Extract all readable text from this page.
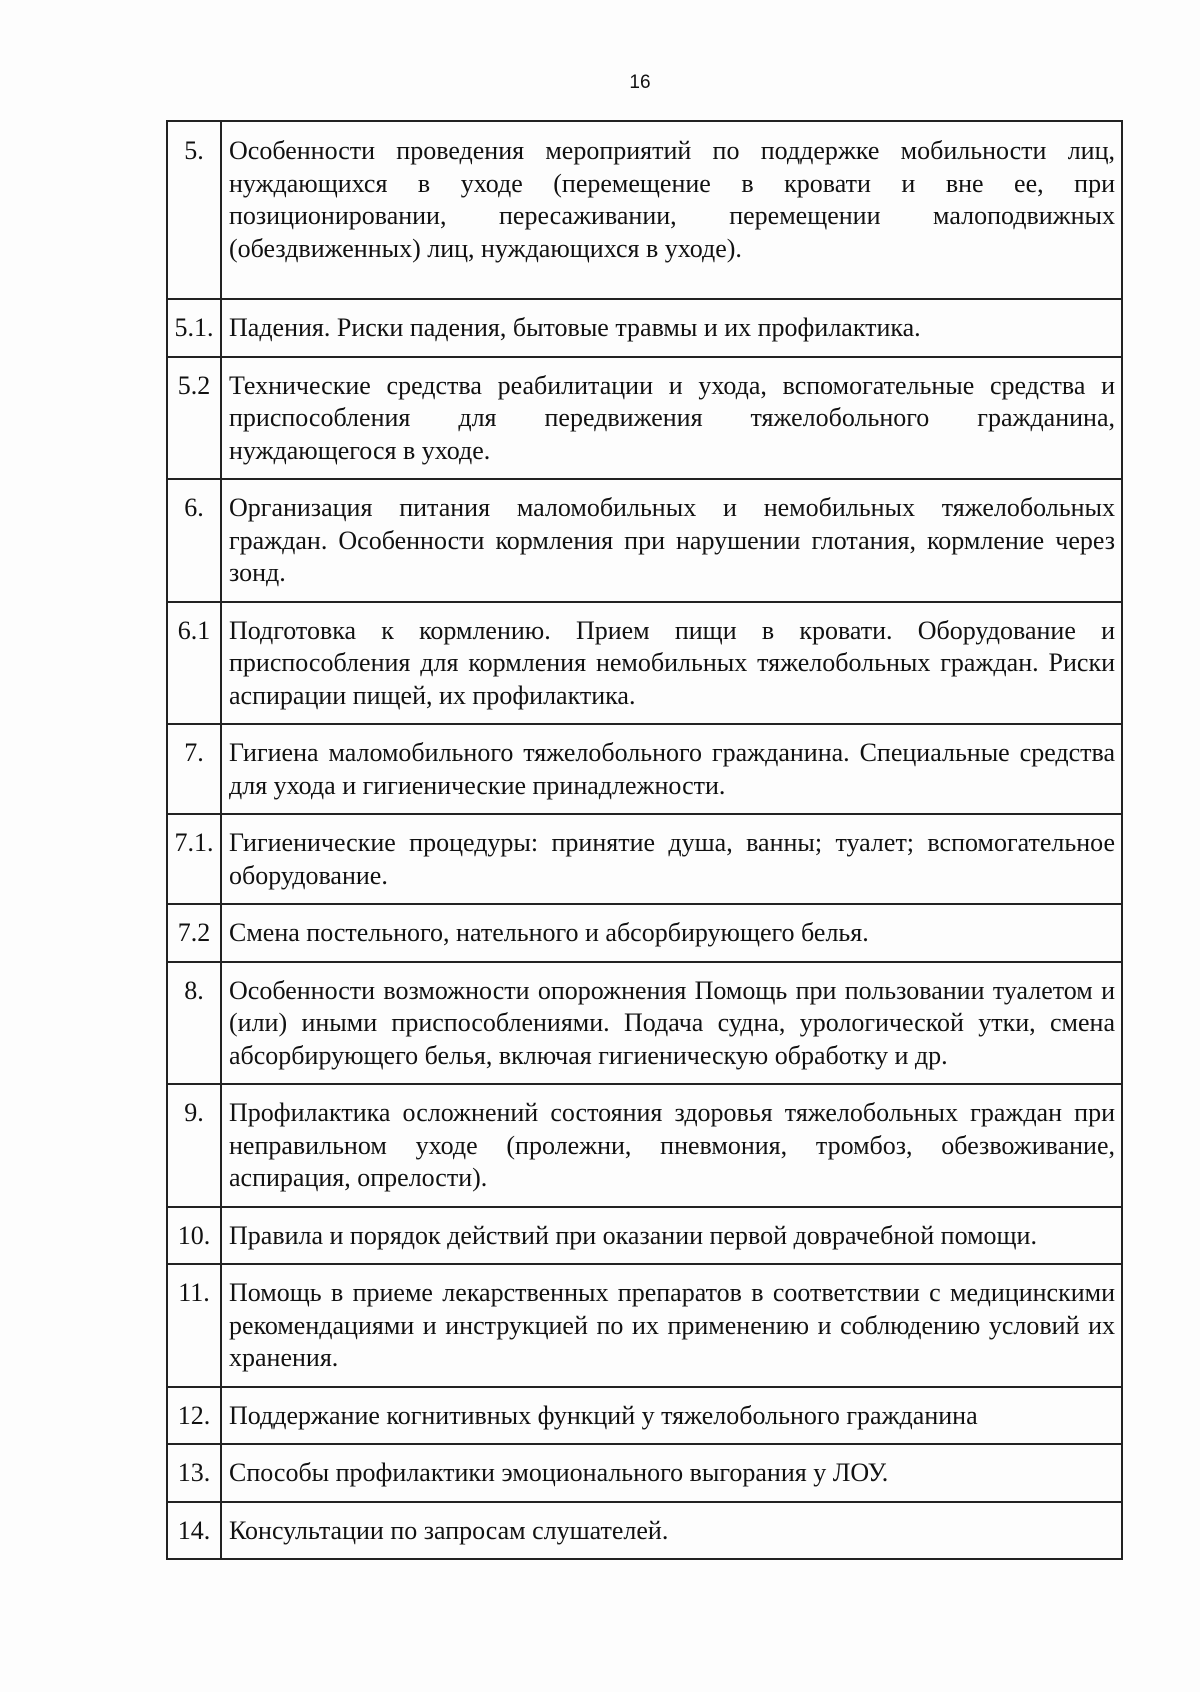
16
5.	Особенности проведения мероприятий по поддержке мобильности лиц, нуждающихся в уходе (перемещение в кровати и вне ее, при позиционировании, пересаживании, перемещении малоподвижных (обездвиженных) лиц, нуждающихся в уходе).
5.1.	Падения. Риски падения, бытовые травмы и их профилактика.
5.2	Технические средства реабилитации и ухода, вспомогательные средства и приспособления для передвижения тяжелобольного гражданина, нуждающегося в уходе.
6.	Организация питания маломобильных и немобильных тяжелобольных граждан. Особенности кормления при нарушении глотания, кормление через зонд.
6.1	Подготовка к кормлению. Прием пищи в кровати. Оборудование и приспособления для кормления немобильных тяжелобольных граждан. Риски аспирации пищей, их профилактика.
7.	Гигиена маломобильного тяжелобольного гражданина. Специальные средства для ухода и гигиенические принадлежности.
7.1.	Гигиенические процедуры: принятие душа, ванны; туалет; вспомогательное оборудование.
7.2	Смена постельного, нательного и абсорбирующего белья.
8.	Особенности возможности опорожнения Помощь при пользовании туалетом и (или) иными приспособлениями. Подача судна, урологической утки, смена абсорбирующего белья, включая гигиеническую обработку и др.
9.	Профилактика осложнений состояния здоровья тяжелобольных граждан при неправильном уходе (пролежни, пневмония, тромбоз, обезвоживание, аспирация, опрелости).
10.	Правила и порядок действий при оказании первой доврачебной помощи.
11.	Помощь в приеме лекарственных препаратов в соответствии с медицинскими рекомендациями и инструкцией по их применению и соблюдению условий их хранения.
12.	Поддержание когнитивных функций у тяжелобольного гражданина
13.	Способы профилактики эмоционального выгорания у ЛОУ.
14.	Консультации по запросам слушателей.
